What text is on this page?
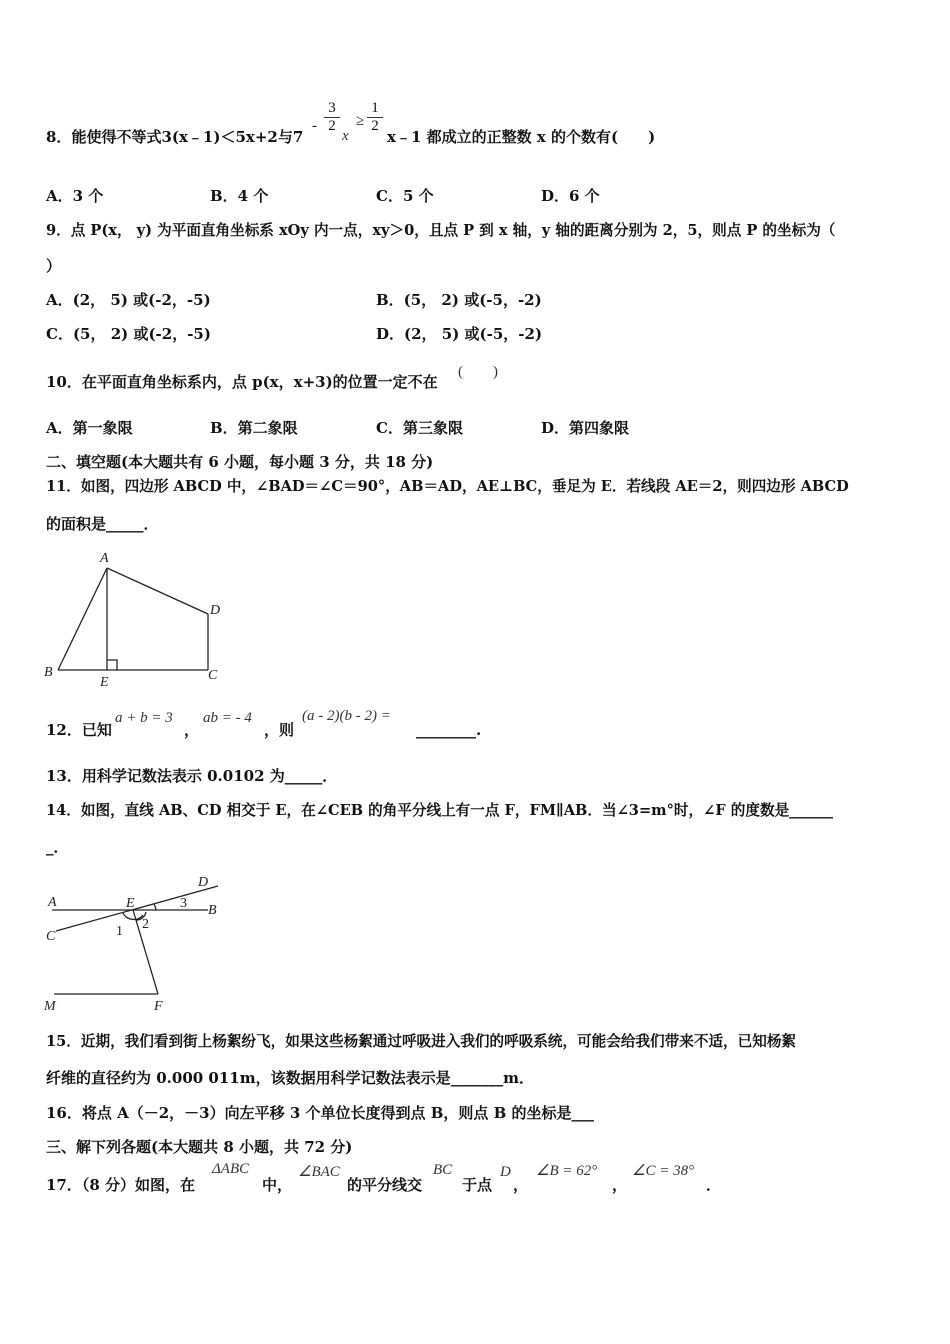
8．能使得不等式3(x﹣1)＜5x+2与7
- $\frac{3}{2}$
x
≥ $\frac{1}{2}$
x﹣1 都成立的正整数 x 的个数有(　　)
A．3 个	B．4 个	C．5 个	D．6 个
9．点 P(x， y) 为平面直角坐标系 xOy 内一点，xy＞0，且点 P 到 x 轴，y 轴的距离分别为 2，5，则点 P 的坐标为（
）
A．(2， 5) 或(-2，-5)	B．(5， 2) 或(-5，-2)
C．(5， 2) 或(-2，-5)	D．(2， 5) 或(-5，-2)
10．在平面直角坐标系内，点 p(x，x+3)的位置一定不在
(　　)
A．第一象限	B．第二象限	C．第三象限	D．第四象限
二、填空题(本大题共有 6 小题，每小题 3 分，共 18 分)
11．如图，四边形 ABCD 中，∠BAD＝∠C＝90°，AB＝AD，AE⊥BC，垂足为 E．若线段 AE＝2，则四边形 ABCD
的面积是_____．
A
B	C
D
E
12．已知
a + b = 3
，
ab = - 4
，则
(a - 2)(b - 2) =
________.
13．用科学记数法表示 0.0102 为_____．
14．如图，直线 AB、CD 相交于 E，在∠CEB 的角平分线上有一点 F，FM∥AB．当∠3=m°时，∠F 的度数是______
_．
A
B
C
D
E
F
M
1 2
3
15．近期，我们看到街上杨絮纷飞，如果这些杨絮通过呼吸进入我们的呼吸系统，可能会给我们带来不适，已知杨絮
纤维的直径约为 0.000 011m，该数据用科学记数法表示是_______m．
16．将点 A（－2，－3）向左平移 3 个单位长度得到点 B，则点 B 的坐标是___
三、解下列各题(本大题共 8 小题，共 72 分)
17．（8 分）如图，在
ΔABC
中，
∠BAC
的平分线交
BC
于点
D
，
∠B = 62°
，
∠C = 38°
．
